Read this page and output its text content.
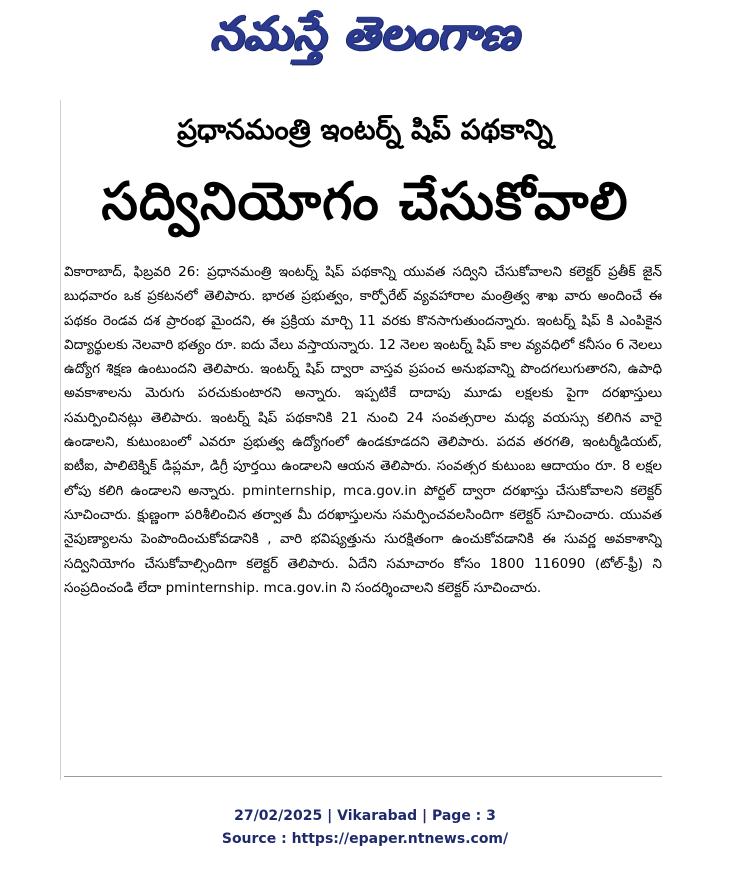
నమస్తే తెలంగాణ
ప్రధానమంత్రి ఇంటర్న్ షిప్ పథకాన్ని
సద్వినియోగం చేసుకోవాలి
వికారాబాద్, ఫిబ్రవరి 26: ప్రధానమంత్రి ఇంటర్న్ షిప్ పథకాన్ని యువత సద్విని చేసుకోవాలని కలెక్టర్ ప్రతీక్ జైన్ బుధవారం ఒక ప్రకటనలో తెలిపారు. భారత ప్రభుత్వం, కార్పోరేట్ వ్యవహారాల మంత్రిత్వ శాఖ వారు అందించే ఈ పథకం రెండవ దశ ప్రారంభ మైందని, ఈ ప్రక్రియ మార్చి 11 వరకు కొనసాగుతుందన్నారు. ఇంటర్న్ షిప్ కి ఎంపికైన విద్యార్థులకు నెలవారి భత్యం రూ. ఐదు వేలు వస్తాయన్నారు. 12 నెలల ఇంటర్న్ షిప్ కాల వ్యవధిలో కనీసం 6 నెలలు ఉద్యోగ శిక్షణ ఉంటుందని తెలిపారు. ఇంటర్న్ షిప్ ద్వారా వాస్తవ ప్రపంచ అనుభవాన్ని పొందగలుగుతారని, ఉపాధి అవకాశాలను మెరుగు పరచుకుంటారని అన్నారు. ఇప్పటికే దాదాపు మూడు లక్షలకు పైగా దరఖాస్తులు సమర్పించినట్లు తెలిపారు. ఇంటర్న్ షిప్ పథకానికి 21 నుంచి 24 సంవత్సరాల మధ్య వయస్సు కలిగిన వారై ఉండాలని, కుటుంబంలో ఎవరూ ప్రభుత్వ ఉద్యోగంలో ఉండకూడదని తెలిపారు. పదవ తరగతి, ఇంటర్మీడియట్, ఐటీఐ, పాలిటెక్నిక్ డిప్లమా, డిగ్రీ పూర్తయి ఉండాలని ఆయన తెలిపారు. సంవత్సర కుటుంబ ఆదాయం రూ. 8 లక్షల లోపు కలిగి ఉండాలని అన్నారు. pminternship, mca.gov.in పోర్టల్ ద్వారా దరఖాస్తు చేసుకోవాలని కలెక్టర్ సూచించారు. క్షుణ్ణంగా పరిశీలించిన తర్వాత మీ దరఖాస్తులను సమర్పించవలసిందిగా కలెక్టర్ సూచించారు. యువత నైపుణ్యాలను పెంపొందించుకోవడానికి , వారి భవిష్యత్తును సురక్షితంగా ఉంచుకోవడానికి ఈ సువర్ణ అవకాశాన్ని సద్వినియోగం చేసుకోవాల్సిందిగా కలెక్టర్ తెలిపారు. ఏదేని సమాచారం కోసం 1800 116090 (టోల్-ఫ్రీ) ని సంప్రదించండి లేదా pminternship. mca.gov.in ని సందర్శించాలని కలెక్టర్ సూచించారు.
27/02/2025 | Vikarabad | Page : 3
Source : https://epaper.ntnews.com/
